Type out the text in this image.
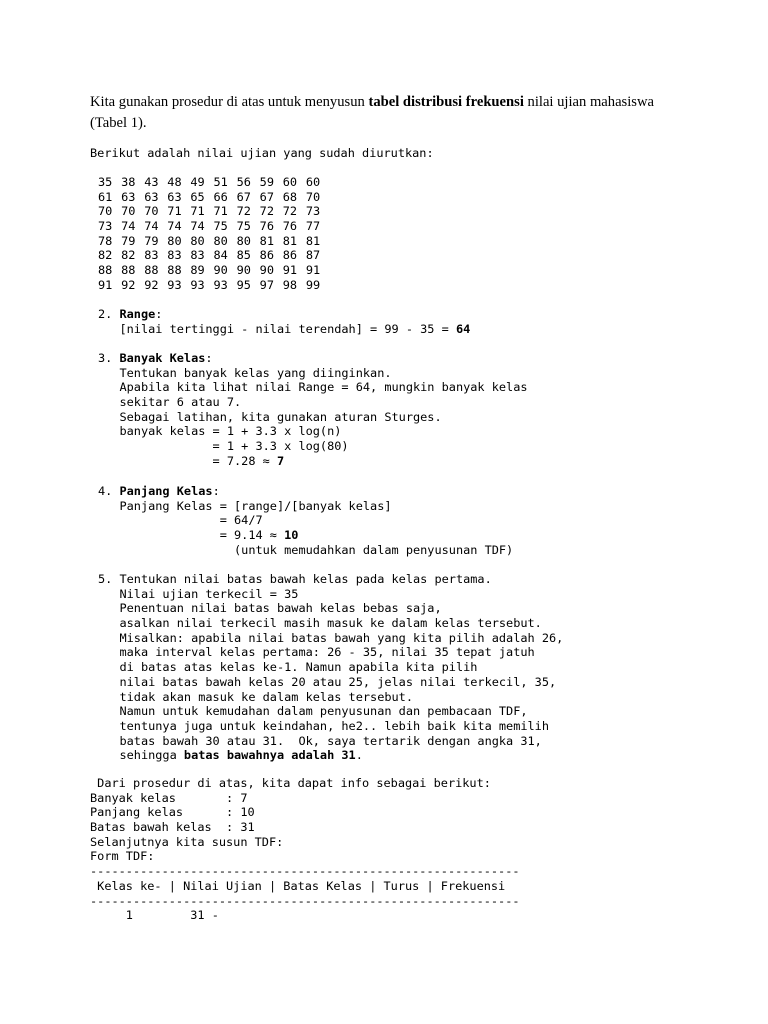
Kita gunakan prosedur di atas untuk menyusun tabel distribusi frekuensi nilai ujian mahasiswa (Tabel 1).

Berikut adalah nilai ujian yang sudah diurutkan:
35 38 43 48 49 51 56 59 60 60
61 63 63 63 65 66 67 67 68 70
70 70 70 71 71 71 72 72 72 73
73 74 74 74 74 75 75 76 76 77
78 79 79 80 80 80 80 81 81 81
82 82 83 83 83 84 85 86 86 87
88 88 88 88 89 90 90 90 91 91
91 92 92 93 93 93 95 97 98 99
2. Range:
[nilai tertinggi - nilai terendah] = 99 - 35 = 64
3. Banyak Kelas:
Tentukan banyak kelas yang diinginkan.
Apabila kita lihat nilai Range = 64, mungkin banyak kelas
sekitar 6 atau 7.
Sebagai latihan, kita gunakan aturan Sturges.
banyak kelas = 1 + 3.3 x log(n)
= 1 + 3.3 x log(80)
= 7.28 ≈ 7
4. Panjang Kelas:
Panjang Kelas = [range]/[banyak kelas]
= 64/7
= 9.14 ≈ 10
(untuk memudahkan dalam penyusunan TDF)
5. Tentukan nilai batas bawah kelas pada kelas pertama.
Nilai ujian terkecil = 35
Penentuan nilai batas bawah kelas bebas saja,
asalkan nilai terkecil masih masuk ke dalam kelas tersebut.
Misalkan: apabila nilai batas bawah yang kita pilih adalah 26,
maka interval kelas pertama: 26 - 35, nilai 35 tepat jatuh
di batas atas kelas ke-1. Namun apabila kita pilih
nilai batas bawah kelas 20 atau 25, jelas nilai terkecil, 35,
tidak akan masuk ke dalam kelas tersebut.
Namun untuk kemudahan dalam penyusunan dan pembacaan TDF,
tentunya juga untuk keindahan, he2.. lebih baik kita memilih
batas bawah 30 atau 31.  Ok, saya tertarik dengan angka 31,
sehingga batas bawahnya adalah 31.
Dari prosedur di atas, kita dapat info sebagai berikut:
Banyak kelas       : 7
Panjang kelas      : 10
Batas bawah kelas  : 31
Selanjutnya kita susun TDF:
Form TDF:
------------------------------------------------------------
Kelas ke- | Nilai Ujian | Batas Kelas | Turus | Frekuensi
------------------------------------------------------------
1        31 -
